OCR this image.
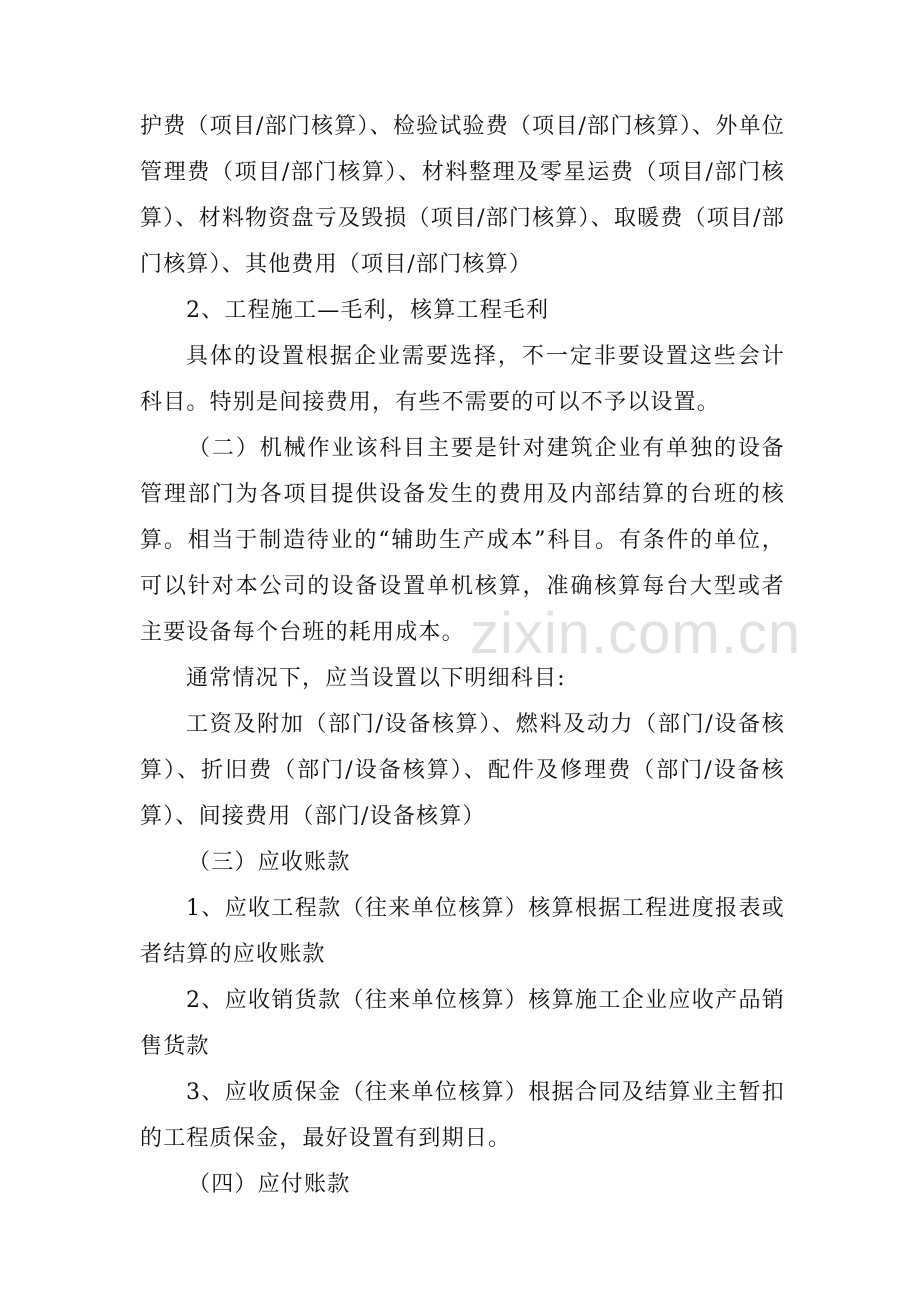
护费（项目/部门核算）、检验试验费（项目/部门核算）、外单位管理费（项目/部门核算）、材料整理及零星运费（项目/部门核算）、材料物资盘亏及毁损（项目/部门核算）、取暖费（项目/部门核算）、其他费用（项目/部门核算）

2、工程施工—毛利，核算工程毛利

具体的设置根据企业需要选择，不一定非要设置这些会计科目。特别是间接费用，有些不需要的可以不予以设置。

（二）机械作业该科目主要是针对建筑企业有单独的设备管理部门为各项目提供设备发生的费用及内部结算的台班的核算。相当于制造待业的“辅助生产成本”科目。有条件的单位，可以针对本公司的设备设置单机核算，准确核算每台大型或者主要设备每个台班的耗用成本。

通常情况下，应当设置以下明细科目:

工资及附加（部门/设备核算）、燃料及动力（部门/设备核算）、折旧费（部门/设备核算）、配件及修理费（部门/设备核算）、间接费用（部门/设备核算）

（三）应收账款

1、应收工程款（往来单位核算）核算根据工程进度报表或者结算的应收账款

2、应收销货款（往来单位核算）核算施工企业应收产品销售货款

3、应收质保金（往来单位核算）根据合同及结算业主暂扣的工程质保金，最好设置有到期日。

（四）应付账款

zixin.com.cn
